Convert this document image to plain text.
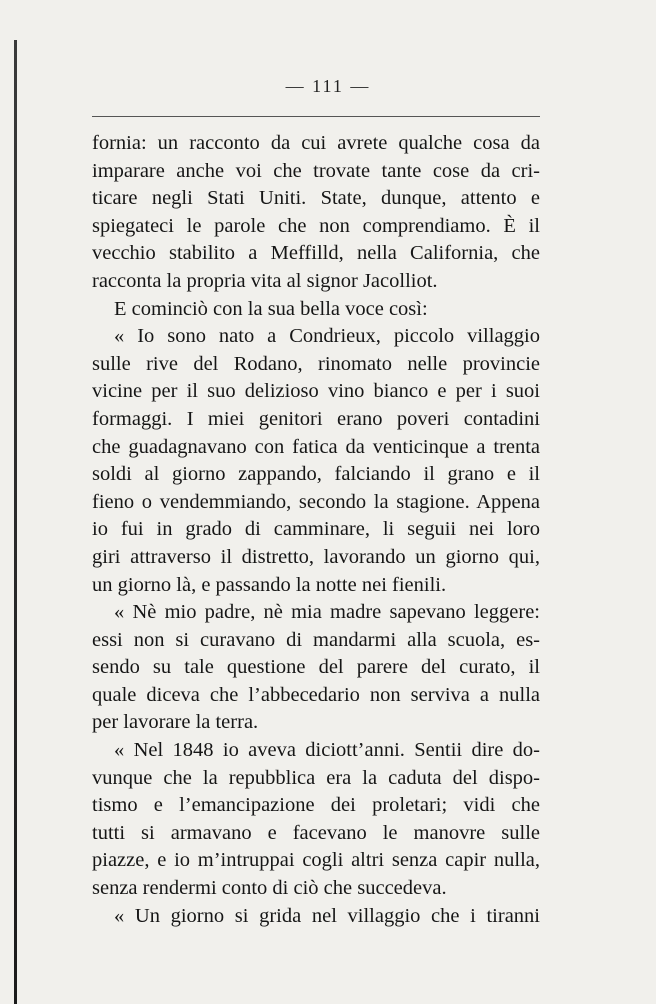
— 111 —
fornia: un racconto da cui avrete qualche cosa da
imparare anche voi che trovate tante cose da cri-
ticare negli Stati Uniti. State, dunque, attento e
spiegateci le parole che non comprendiamo. È il
vecchio stabilito a Meffilld, nella California, che
racconta la propria vita al signor Jacolliot.
E cominciò con la sua bella voce così:
« Io sono nato a Condrieux, piccolo villaggio
sulle rive del Rodano, rinomato nelle provincie
vicine per il suo delizioso vino bianco e per i suoi
formaggi. I miei genitori erano poveri contadini
che guadagnavano con fatica da venticinque a trenta
soldi al giorno zappando, falciando il grano e il
fieno o vendemmiando, secondo la stagione. Appena
io fui in grado di camminare, li seguii nei loro
giri attraverso il distretto, lavorando un giorno qui,
un giorno là, e passando la notte nei fienili.
« Nè mio padre, nè mia madre sapevano leggere:
essi non si curavano di mandarmi alla scuola, es-
sendo su tale questione del parere del curato, il
quale diceva che l’abbecedario non serviva a nulla
per lavorare la terra.
« Nel 1848 io aveva diciott’anni. Sentii dire do-
vunque che la repubblica era la caduta del dispo-
tismo e l’emancipazione dei proletari; vidi che
tutti si armavano e facevano le manovre sulle
piazze, e io m’intruppai cogli altri senza capir nulla,
senza rendermi conto di ciò che succedeva.
« Un giorno si grida nel villaggio che i tiranni
